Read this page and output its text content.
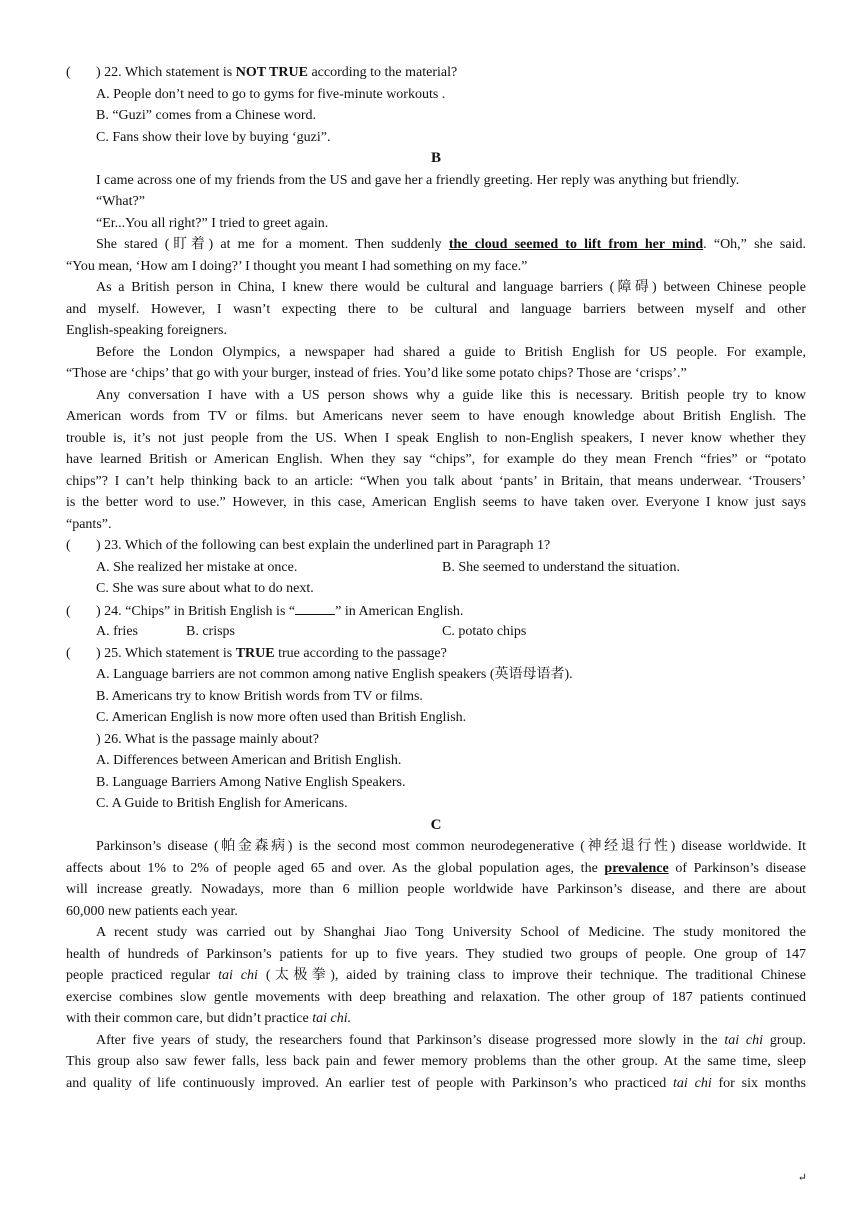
( ) 22. Which statement is NOT TRUE according to the material?
A. People don’t need to go to gyms for five-minute workouts .
B. “Guzi” comes from a Chinese word.
C. Fans show their love by buying ‘guzi”.
B
I came across one of my friends from the US and gave her a friendly greeting. Her reply was anything but friendly.
“What?”
“Er...You all right?” I tried to greet again.
She stared (盯着) at me for a moment. Then suddenly the cloud seemed to lift from her mind. “Oh,” she said.
“You mean, ‘How am I doing?’ I thought you meant I had something on my face.”
As a British person in China, I knew there would be cultural and language barriers (障碍) between Chinese people
and myself. However, I wasn’t expecting there to be cultural and language barriers between myself and other
English-speaking foreigners.
Before the London Olympics, a newspaper had shared a guide to British English for US people. For example,
“Those are ‘chips’ that go with your burger, instead of fries. You’d like some potato chips? Those are ‘crisps’.”
Any conversation I have with a US person shows why a guide like this is necessary. British people try to know
American words from TV or films. but Americans never seem to have enough knowledge about British English. The
trouble is, it’s not just people from the US. When I speak English to non-English speakers, I never know whether they
have learned British or American English. When they say “chips”, for example do they mean French “fries” or “potato
chips”? I can’t help thinking back to an article: “When you talk about ‘pants’ in Britain, that means underwear. ‘Trousers’
is the better word to use.” However, in this case, American English seems to have taken over. Everyone I know just says
“pants”.
( ) 23. Which of the following can best explain the underlined part in Paragraph 1?
A. She realized her mistake at once.	B. She seemed to understand the situation.
C. She was sure about what to do next.
( ) 24. “Chips” in British English is “	” in American English.
A. fries	B. crisps	C. potato chips
( ) 25. Which statement is TRUE true according to the passage?
A. Language barriers are not common among native English speakers (英语母语者).
B. Americans try to know British words from TV or films.
C. American English is now more often used than British English.
) 26. What is the passage mainly about?
A. Differences between American and British English.
B. Language Barriers Among Native English Speakers.
C. A Guide to British English for Americans.
C
Parkinson’s disease (帕金森病) is the second most common neurodegenerative (神经退行性) disease worldwide. It
affects about 1% to 2% of people aged 65 and over. As the global population ages, the prevalence of Parkinson’s disease
will increase greatly. Nowadays, more than 6 million people worldwide have Parkinson’s disease, and there are about
60,000 new patients each year.
A recent study was carried out by Shanghai Jiao Tong University School of Medicine. The study monitored the
health of hundreds of Parkinson’s patients for up to five years. They studied two groups of people. One group of 147
people practiced regular tai chi (太极拳), aided by training class to improve their technique. The traditional Chinese
exercise combines slow gentle movements with deep breathing and relaxation. The other group of 187 patients continued
with their common care, but didn’t practice tai chi.
After five years of study, the researchers found that Parkinson’s disease progressed more slowly in the tai chi group.
This group also saw fewer falls, less back pain and fewer memory problems than the other group. At the same time, sleep
and quality of life continuously improved. An earlier test of people with Parkinson’s who practiced tai chi for six months
↵
